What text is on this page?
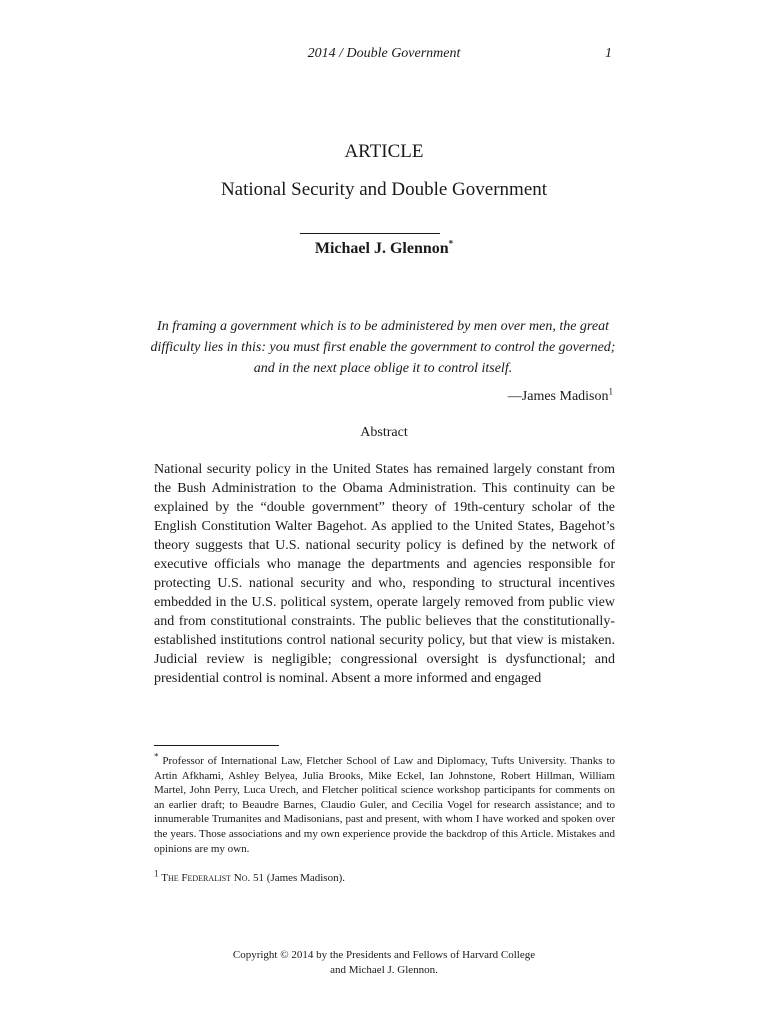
2014 / Double Government	1
ARTICLE
National Security and Double Government
Michael J. Glennon*
In framing a government which is to be administered by men over men, the great difficulty lies in this: you must first enable the government to control the governed; and in the next place oblige it to control itself.
—James Madison$^1$
Abstract
National security policy in the United States has remained largely constant from the Bush Administration to the Obama Administration. This continuity can be explained by the “double government” theory of 19th-century scholar of the English Constitution Walter Bagehot. As applied to the United States, Bagehot’s theory suggests that U.S. national security policy is defined by the network of executive officials who manage the departments and agencies responsible for protecting U.S. national security and who, responding to structural incentives embedded in the U.S. political system, operate largely removed from public view and from constitutional constraints. The public believes that the constitutionally-established institutions control national security policy, but that view is mistaken. Judicial review is negligible; congressional oversight is dysfunctional; and presidential control is nominal. Absent a more informed and engaged
* Professor of International Law, Fletcher School of Law and Diplomacy, Tufts University. Thanks to Artin Afkhami, Ashley Belyea, Julia Brooks, Mike Eckel, Ian Johnstone, Robert Hillman, William Martel, John Perry, Luca Urech, and Fletcher political science workshop participants for comments on an earlier draft; to Beaudre Barnes, Claudio Guler, and Cecilia Vogel for research assistance; and to innumerable Trumanites and Madisonians, past and present, with whom I have worked and spoken over the years. Those associations and my own experience provide the backdrop of this Article. Mistakes and opinions are my own.
$^1$ The Federalist No. 51 (James Madison).
Copyright © 2014 by the Presidents and Fellows of Harvard College
and Michael J. Glennon.
